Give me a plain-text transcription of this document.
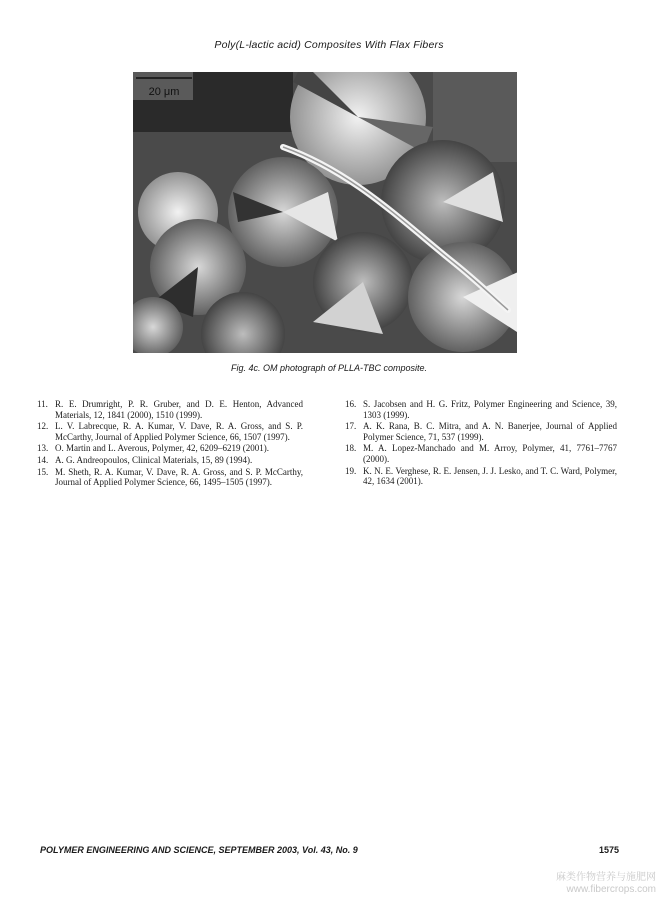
Poly(L-lactic acid) Composites With Flax Fibers
20 μm
Fig. 4c. OM photograph of PLLA-TBC composite.
11. R. E. Drumright, P. R. Gruber, and D. E. Henton, Advanced Materials, 12, 1841 (2000), 1510 (1999).
12. L. V. Labrecque, R. A. Kumar, V. Dave, R. A. Gross, and S. P. McCarthy, Journal of Applied Polymer Science, 66, 1507 (1997).
13. O. Martin and L. Averous, Polymer, 42, 6209–6219 (2001).
14. A. G. Andreopoulos, Clinical Materials, 15, 89 (1994).
15. M. Sheth, R. A. Kumar, V. Dave, R. A. Gross, and S. P. McCarthy, Journal of Applied Polymer Science, 66, 1495–1505 (1997).
16. S. Jacobsen and H. G. Fritz, Polymer Engineering and Science, 39, 1303 (1999).
17. A. K. Rana, B. C. Mitra, and A. N. Banerjee, Journal of Applied Polymer Science, 71, 537 (1999).
18. M. A. Lopez-Manchado and M. Arroy, Polymer, 41, 7761–7767 (2000).
19. K. N. E. Verghese, R. E. Jensen, J. J. Lesko, and T. C. Ward, Polymer, 42, 1634 (2001).
POLYMER ENGINEERING AND SCIENCE, SEPTEMBER 2003, Vol. 43, No. 9	1575
麻类作物营养与施肥网
www.fibercrops.com
